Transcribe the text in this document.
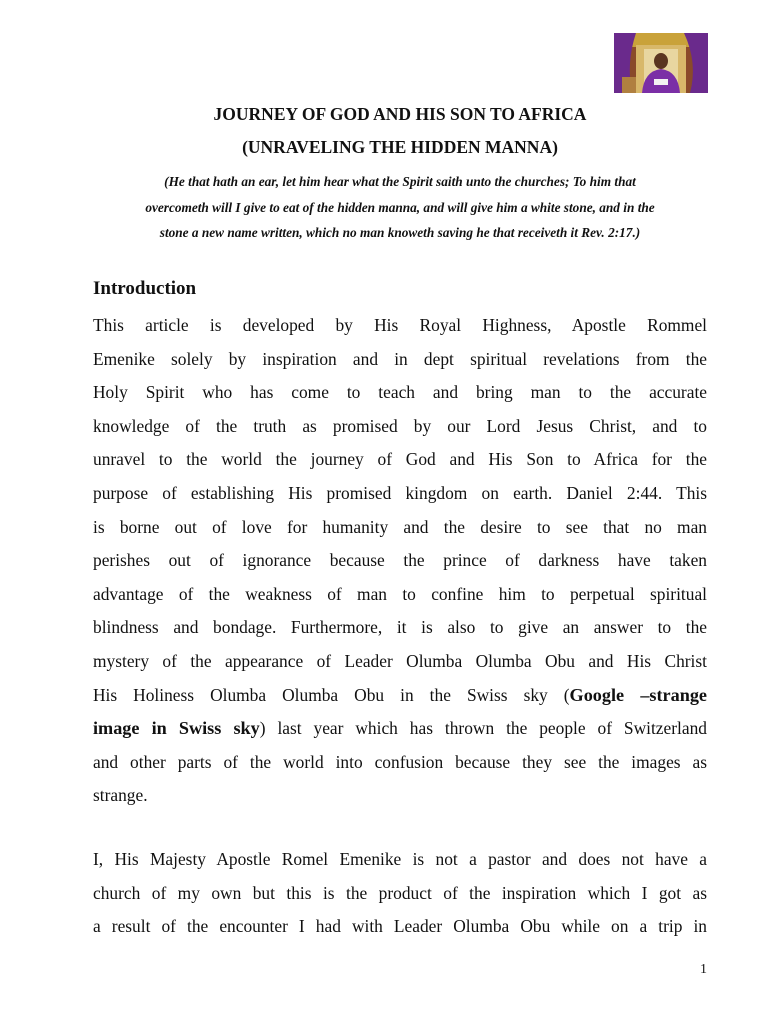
JOURNEY OF GOD AND HIS SON TO AFRICA

(UNRAVELING THE HIDDEN MANNA)

(He that hath an ear, let him hear what the Spirit saith unto the churches; To him that
overcometh will I give to eat of the hidden manna, and will give him a white stone, and in the
stone a new name written, which no man knoweth saving he that receiveth it Rev. 2:17.)

Introduction

This article is developed by His Royal Highness, Apostle Rommel
Emenike solely by inspiration and in dept spiritual revelations from the
Holy Spirit who has come to teach and bring man to the accurate
knowledge of the truth as promised by our Lord Jesus Christ, and to
unravel to the world the journey of God and His Son to Africa for the
purpose of establishing His promised kingdom on earth. Daniel 2:44. This
is borne out of love for humanity and the desire to see that no man
perishes out of ignorance because the prince of darkness have taken
advantage of the weakness of man to confine him to perpetual spiritual
blindness and bondage. Furthermore, it is also to give an answer to the
mystery of the appearance of Leader Olumba Olumba Obu and His Christ
His Holiness Olumba Olumba Obu in the Swiss sky (Google –strange
image in Swiss sky) last year which has thrown the people of Switzerland
and other parts of the world into confusion because they see the images as
strange.

I, His Majesty Apostle Romel Emenike is not a pastor and does not have a
church of my own but this is the product of the inspiration which I got as
a result of the encounter I had with Leader Olumba Obu while on a trip in

1
